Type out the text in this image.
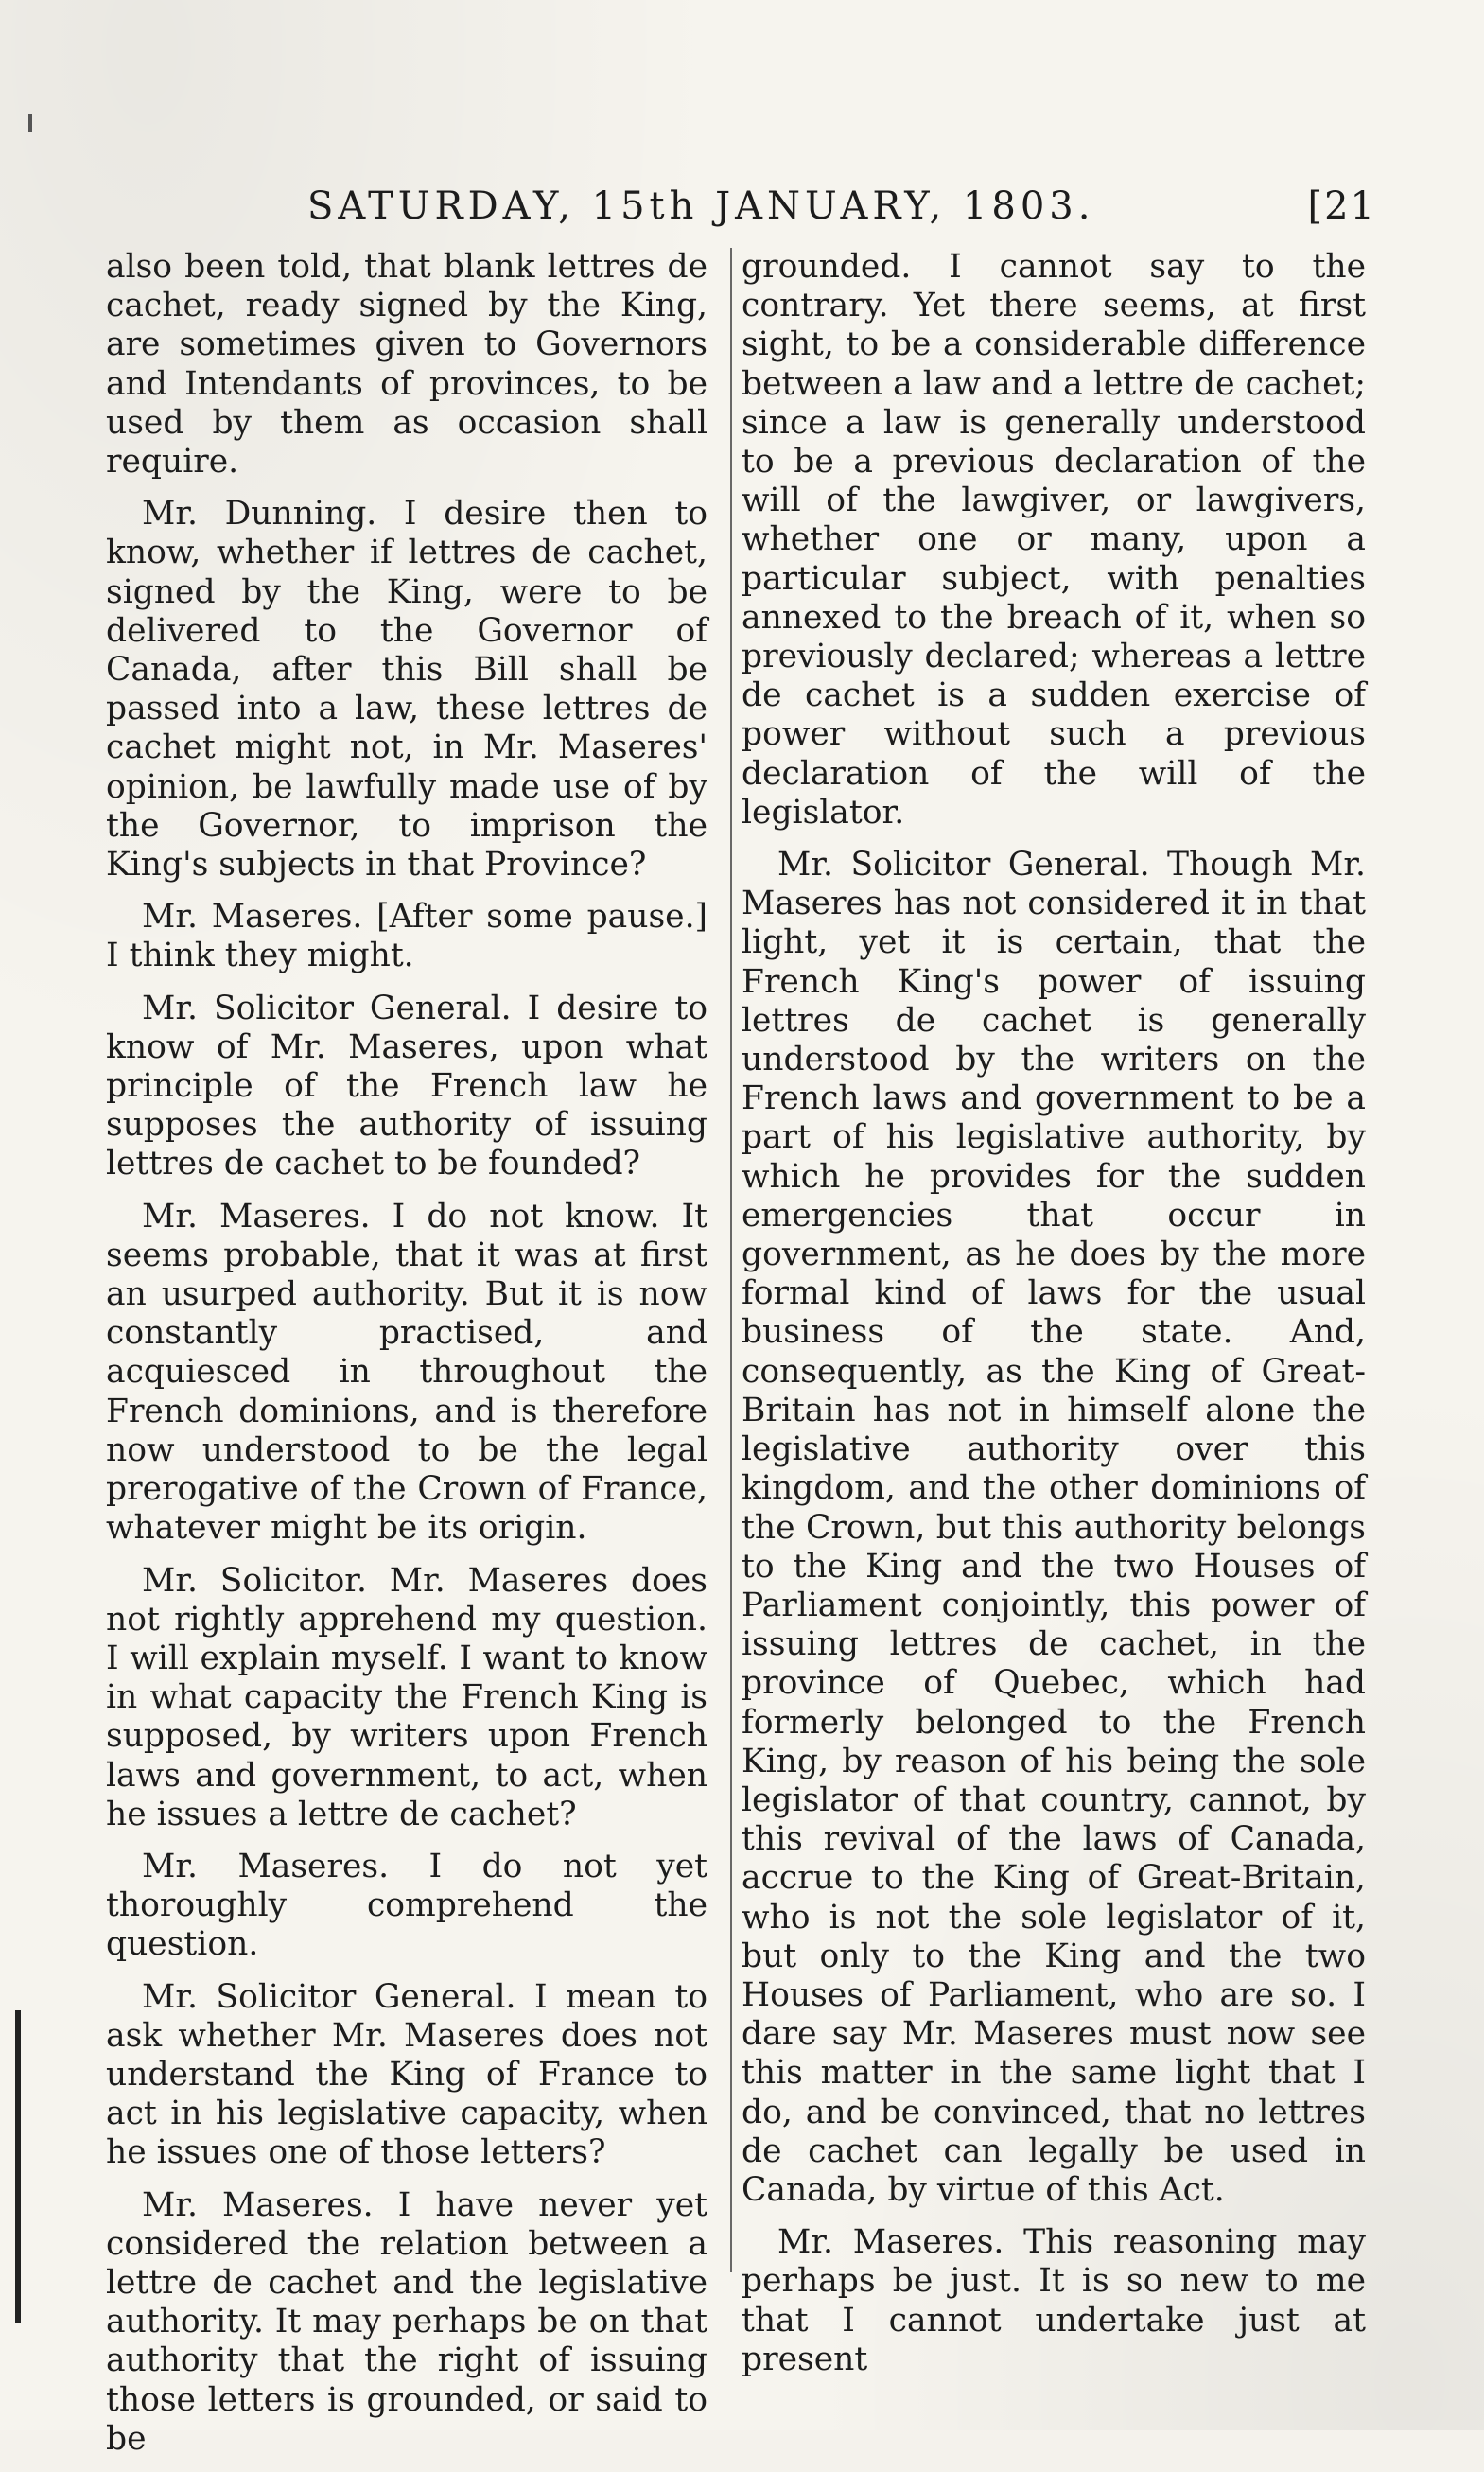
SATURDAY, 15th JANUARY, 1803.	[21

also been told, that blank lettres de cachet, ready signed by the King, are sometimes given to Governors and Intendants of provinces, to be used by them as occasion shall require.

Mr. Dunning. I desire then to know, whether if lettres de cachet, signed by the King, were to be delivered to the Governor of Canada, after this Bill shall be passed into a law, these lettres de cachet might not, in Mr. Maseres' opinion, be lawfully made use of by the Governor, to imprison the King's subjects in that Province?

Mr. Maseres. [After some pause.] I think they might.

Mr. Solicitor General. I desire to know of Mr. Maseres, upon what principle of the French law he supposes the authority of issuing lettres de cachet to be founded?

Mr. Maseres. I do not know. It seems probable, that it was at first an usurped authority. But it is now constantly practised, and acquiesced in throughout the French dominions, and is therefore now understood to be the legal prerogative of the Crown of France, whatever might be its origin.

Mr. Solicitor. Mr. Maseres does not rightly apprehend my question. I will explain myself. I want to know in what capacity the French King is supposed, by writers upon French laws and government, to act, when he issues a lettre de cachet?

Mr. Maseres. I do not yet thoroughly comprehend the question.

Mr. Solicitor General. I mean to ask whether Mr. Maseres does not understand the King of France to act in his legislative capacity, when he issues one of those letters?

Mr. Maseres. I have never yet considered the relation between a lettre de cachet and the legislative authority. It may perhaps be on that authority that the right of issuing those letters is grounded, or said to be

grounded. I cannot say to the contrary. Yet there seems, at first sight, to be a considerable difference between a law and a lettre de cachet; since a law is generally understood to be a previous declaration of the will of the lawgiver, or lawgivers, whether one or many, upon a particular subject, with penalties annexed to the breach of it, when so previously declared; whereas a lettre de cachet is a sudden exercise of power without such a previous declaration of the will of the legislator.

Mr. Solicitor General. Though Mr. Maseres has not considered it in that light, yet it is certain, that the French King's power of issuing lettres de cachet is generally understood by the writers on the French laws and government to be a part of his legislative authority, by which he provides for the sudden emergencies that occur in government, as he does by the more formal kind of laws for the usual business of the state. And, consequently, as the King of Great-Britain has not in himself alone the legislative authority over this kingdom, and the other dominions of the Crown, but this authority belongs to the King and the two Houses of Parliament conjointly, this power of issuing lettres de cachet, in the province of Quebec, which had formerly belonged to the French King, by reason of his being the sole legislator of that country, cannot, by this revival of the laws of Canada, accrue to the King of Great-Britain, who is not the sole legislator of it, but only to the King and the two Houses of Parliament, who are so. I dare say Mr. Maseres must now see this matter in the same light that I do, and be convinced, that no lettres de cachet can legally be used in Canada, by virtue of this Act.

Mr. Maseres. This reasoning may perhaps be just. It is so new to me that I cannot undertake just at present
